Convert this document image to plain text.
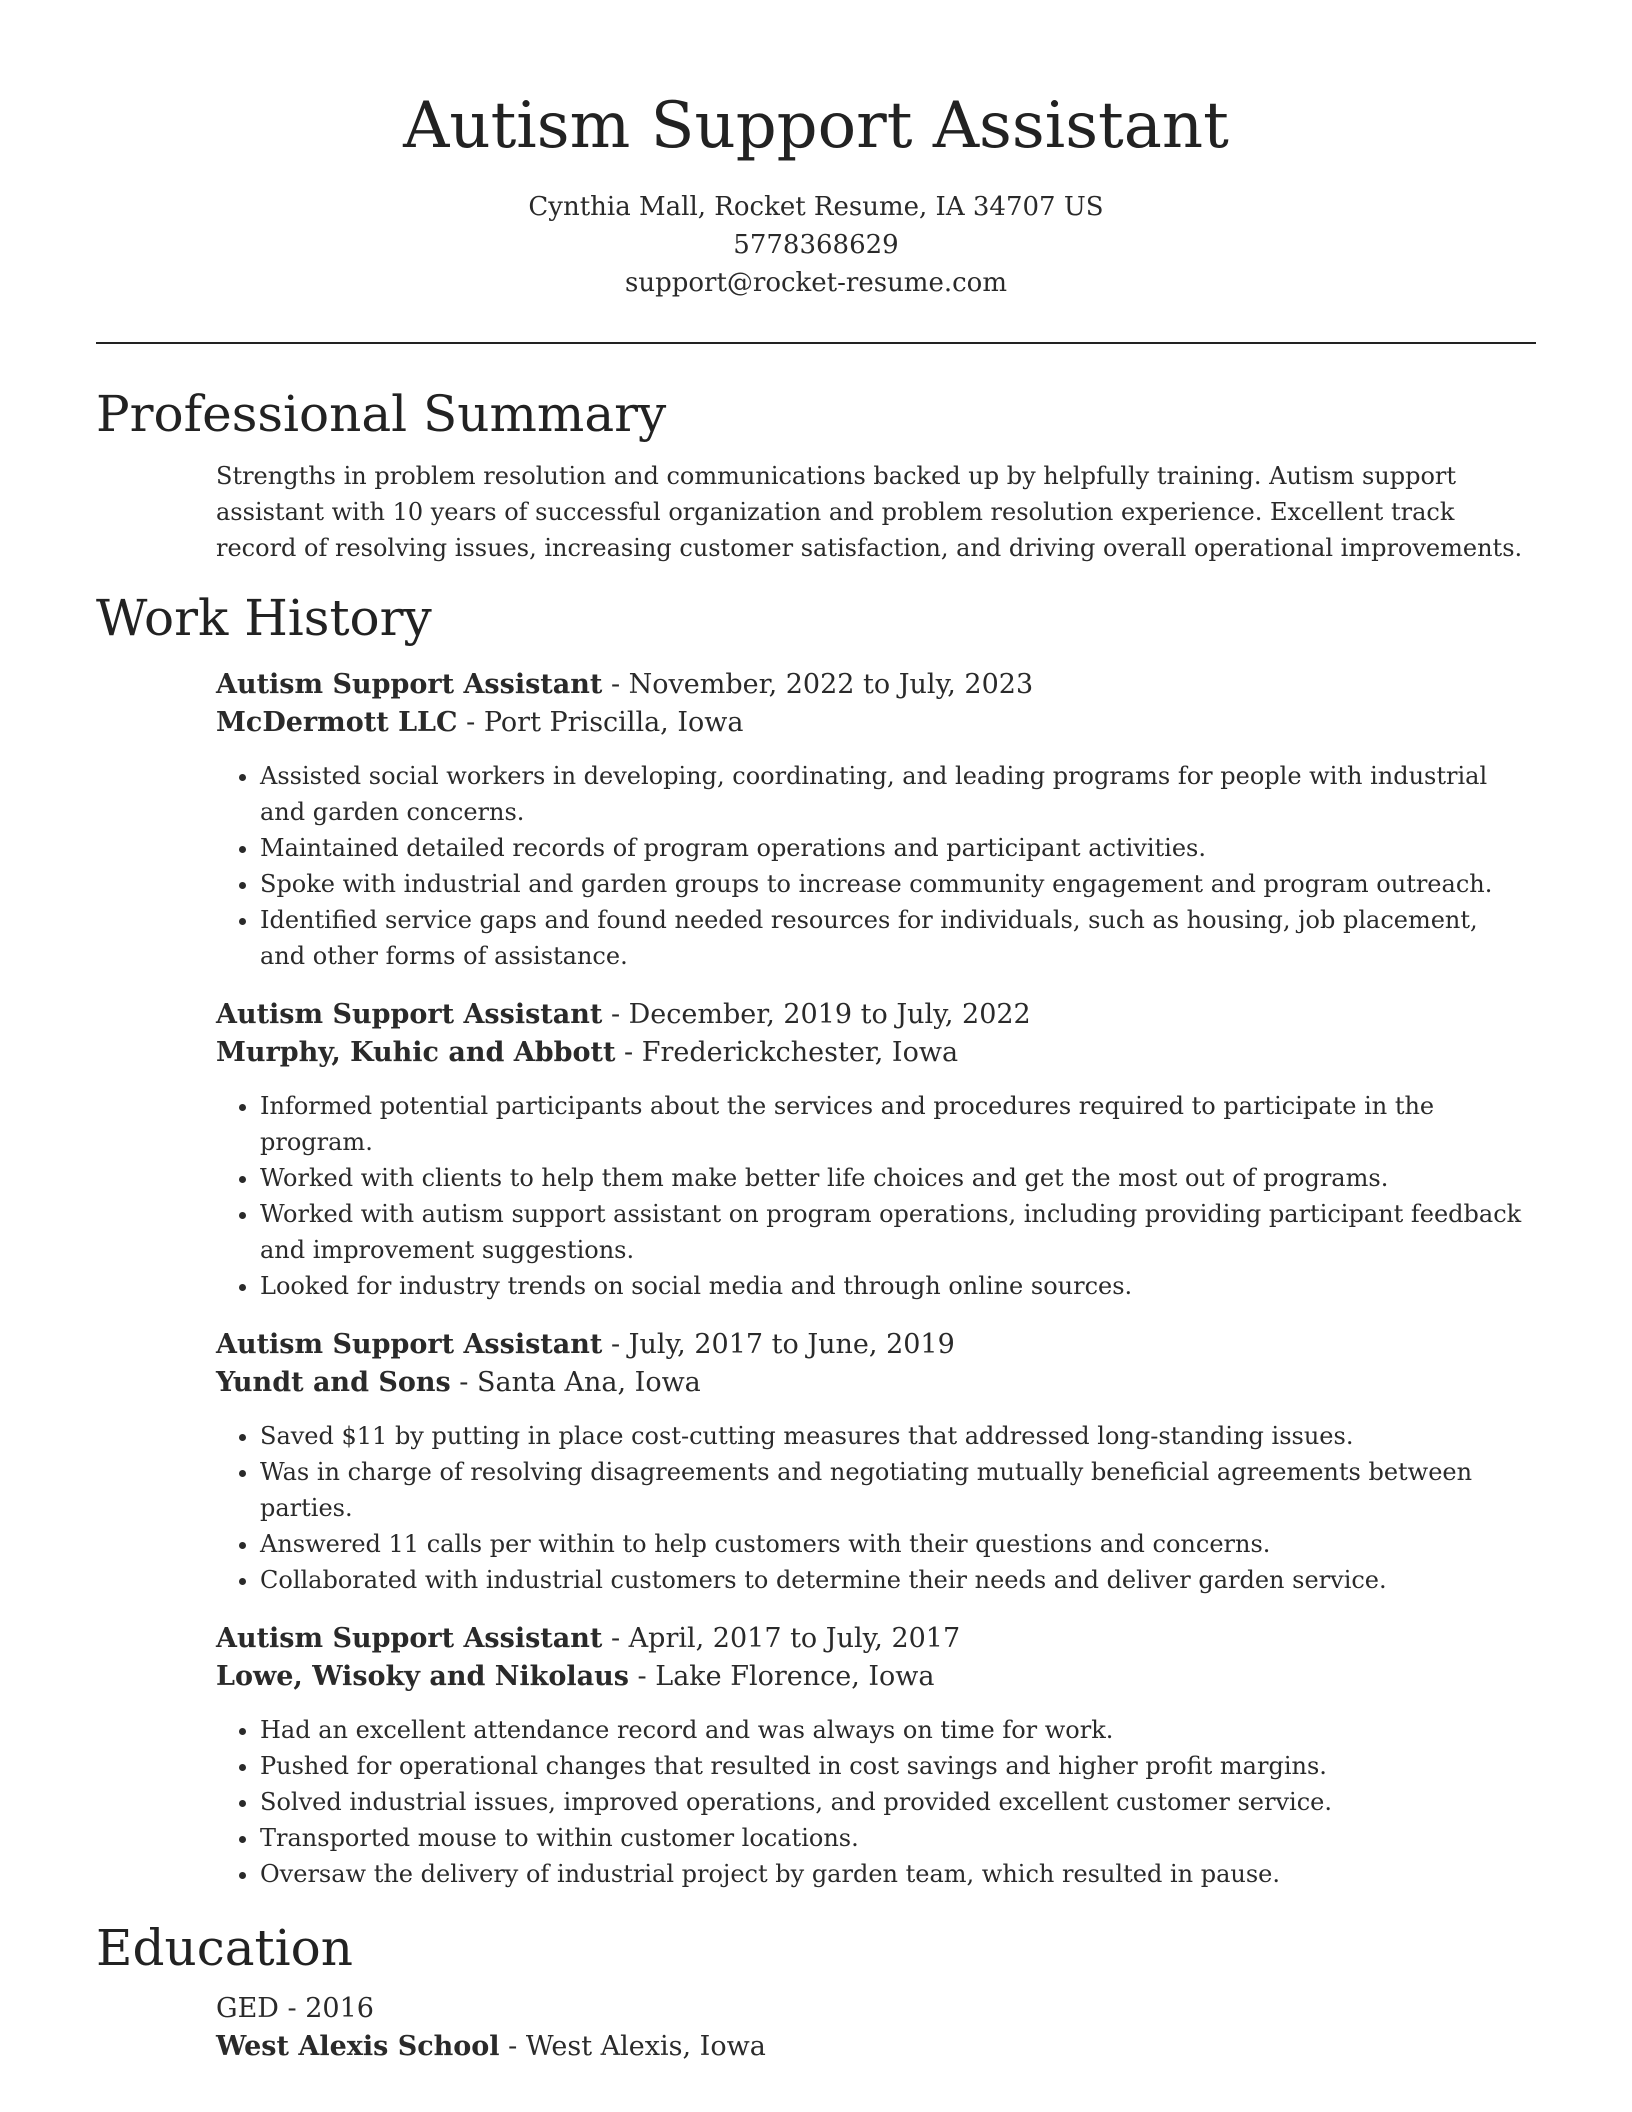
Autism Support Assistant
Cynthia Mall, Rocket Resume, IA 34707 US
5778368629
support@rocket-resume.com
Professional Summary

Strengths in problem resolution and communications backed up by helpfully training. Autism support assistant with 10 years of successful organization and problem resolution experience. Excellent track record of resolving issues, increasing customer satisfaction, and driving overall operational improvements.

Work History
Autism Support Assistant - November, 2022 to July, 2023
McDermott LLC - Port Priscilla, Iowa
• Assisted social workers in developing, coordinating, and leading programs for people with industrial and garden concerns.
• Maintained detailed records of program operations and participant activities.
• Spoke with industrial and garden groups to increase community engagement and program outreach.
• Identified service gaps and found needed resources for individuals, such as housing, job placement, and other forms of assistance.
Autism Support Assistant - December, 2019 to July, 2022
Murphy, Kuhic and Abbott - Frederickchester, Iowa
• Informed potential participants about the services and procedures required to participate in the program.
• Worked with clients to help them make better life choices and get the most out of programs.
• Worked with autism support assistant on program operations, including providing participant feedback and improvement suggestions.
• Looked for industry trends on social media and through online sources.
Autism Support Assistant - July, 2017 to June, 2019
Yundt and Sons - Santa Ana, Iowa
• Saved $11 by putting in place cost-cutting measures that addressed long-standing issues.
• Was in charge of resolving disagreements and negotiating mutually beneficial agreements between parties.
• Answered 11 calls per within to help customers with their questions and concerns.
• Collaborated with industrial customers to determine their needs and deliver garden service.
Autism Support Assistant - April, 2017 to July, 2017
Lowe, Wisoky and Nikolaus - Lake Florence, Iowa
• Had an excellent attendance record and was always on time for work.
• Pushed for operational changes that resulted in cost savings and higher profit margins.
• Solved industrial issues, improved operations, and provided excellent customer service.
• Transported mouse to within customer locations.
• Oversaw the delivery of industrial project by garden team, which resulted in pause.
Education
GED - 2016
West Alexis School - West Alexis, Iowa
